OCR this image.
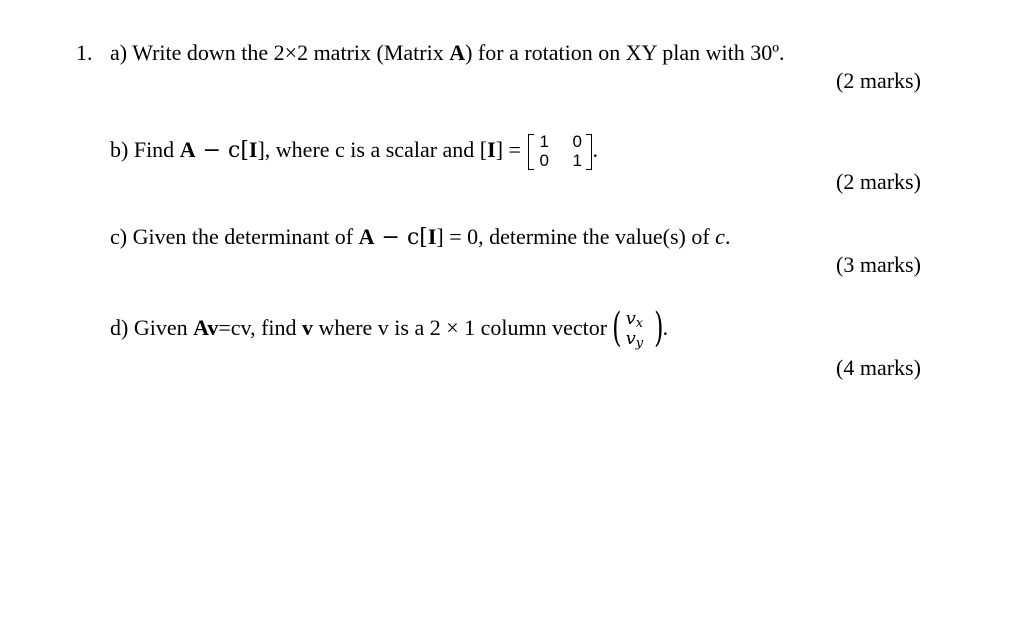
1. a) Write down the 2×2 matrix (Matrix A) for a rotation on XY plan with 30º.
(2 marks)
b) Find A − c[I], where c is a scalar and [I] = 1 0
0 1 .
(2 marks)
c) Given the determinant of A − c[I] = 0, determine the value(s) of c.
(3 marks)
d) Given Av=cv, find v where v is a 2 × 1 column vector ( $v_x$
$v_y$ ) .
(4 marks)
